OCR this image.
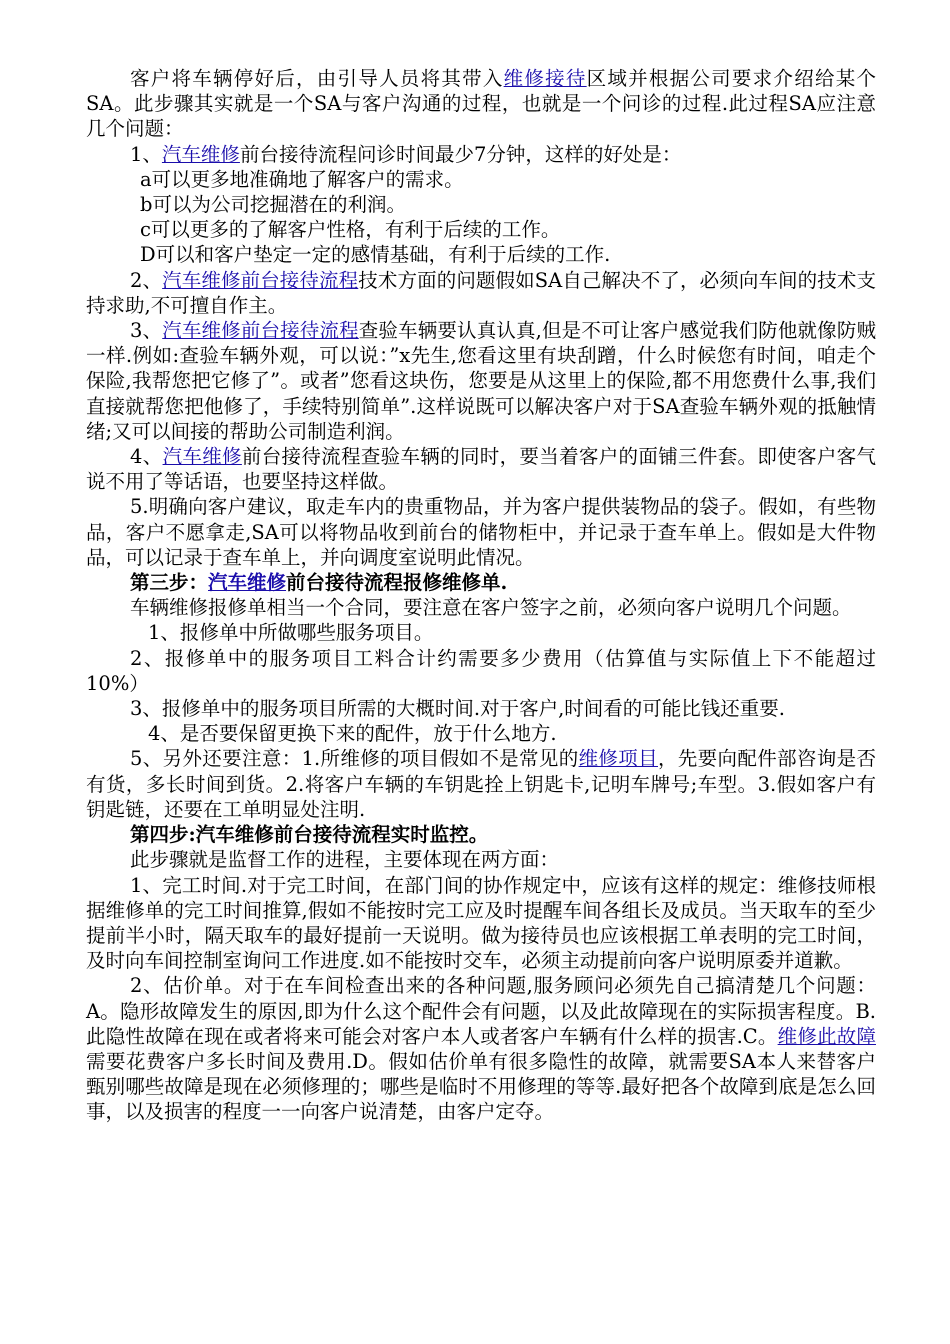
客户将车辆停好后，由引导人员将其带入维修接待区域并根据公司要求介绍给某个SA。此步骤其实就是一个SA与客户沟通的过程，也就是一个问诊的过程.此过程SA应注意几个问题：
1、汽车维修前台接待流程问诊时间最少7分钟，这样的好处是：
a可以更多地准确地了解客户的需求。
b可以为公司挖掘潜在的利润。
c可以更多的了解客户性格，有利于后续的工作。
D可以和客户垫定一定的感情基础，有利于后续的工作.
2、汽车维修前台接待流程技术方面的问题假如SA自己解决不了，必须向车间的技术支持求助,不可擅自作主。
3、汽车维修前台接待流程查验车辆要认真认真,但是不可让客户感觉我们防他就像防贼一样.例如:查验车辆外观，可以说：”x先生,您看这里有块刮蹭，什么时候您有时间，咱走个保险,我帮您把它修了”。或者”您看这块伤，您要是从这里上的保险,都不用您费什么事,我们直接就帮您把他修了，手续特别简单”.这样说既可以解决客户对于SA查验车辆外观的抵触情绪;又可以间接的帮助公司制造利润。
4、汽车维修前台接待流程查验车辆的同时，要当着客户的面铺三件套。即使客户客气说不用了等话语，也要坚持这样做。
5.明确向客户建议，取走车内的贵重物品，并为客户提供装物品的袋子。假如，有些物品，客户不愿拿走,SA可以将物品收到前台的储物柜中，并记录于查车单上。假如是大件物品，可以记录于查车单上，并向调度室说明此情况。
第三步：汽车维修前台接待流程报修维修单.
车辆维修报修单相当一个合同，要注意在客户签字之前，必须向客户说明几个问题。
1、报修单中所做哪些服务项目。
2、报修单中的服务项目工料合计约需要多少费用（估算值与实际值上下不能超过10%）
3、报修单中的服务项目所需的大概时间.对于客户,时间看的可能比钱还重要.
4、是否要保留更换下来的配件，放于什么地方.
5、另外还要注意：1.所维修的项目假如不是常见的维修项目，先要向配件部咨询是否有货，多长时间到货。2.将客户车辆的车钥匙拴上钥匙卡,记明车牌号;车型。3.假如客户有钥匙链，还要在工单明显处注明.
第四步:汽车维修前台接待流程实时监控。
此步骤就是监督工作的进程，主要体现在两方面：
1、完工时间.对于完工时间，在部门间的协作规定中，应该有这样的规定：维修技师根据维修单的完工时间推算,假如不能按时完工应及时提醒车间各组长及成员。当天取车的至少提前半小时，隔天取车的最好提前一天说明。做为接待员也应该根据工单表明的完工时间，及时向车间控制室询问工作进度.如不能按时交车，必须主动提前向客户说明原委并道歉。
2、估价单。对于在车间检查出来的各种问题,服务顾问必须先自己搞清楚几个问题：A。隐形故障发生的原因,即为什么这个配件会有问题，以及此故障现在的实际损害程度。B.此隐性故障在现在或者将来可能会对客户本人或者客户车辆有什么样的损害.C。维修此故障需要花费客户多长时间及费用.D。假如估价单有很多隐性的故障，就需要SA本人来替客户甄别哪些故障是现在必须修理的；哪些是临时不用修理的等等.最好把各个故障到底是怎么回事，以及损害的程度一一向客户说清楚，由客户定夺。
